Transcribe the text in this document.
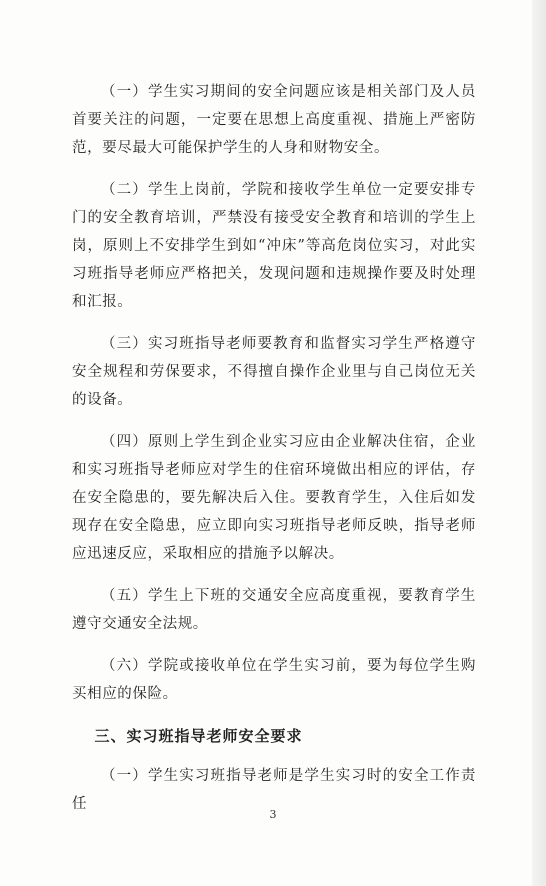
（一）学生实习期间的安全问题应该是相关部门及人员首要关注的问题，一定要在思想上高度重视、措施上严密防范，要尽最大可能保护学生的人身和财物安全。

（二）学生上岗前，学院和接收学生单位一定要安排专门的安全教育培训，严禁没有接受安全教育和培训的学生上岗，原则上不安排学生到如“冲床”等高危岗位实习，对此实习班指导老师应严格把关，发现问题和违规操作要及时处理和汇报。

（三）实习班指导老师要教育和监督实习学生严格遵守安全规程和劳保要求，不得擅自操作企业里与自己岗位无关的设备。

（四）原则上学生到企业实习应由企业解决住宿，企业和实习班指导老师应对学生的住宿环境做出相应的评估，存在安全隐患的，要先解决后入住。要教育学生，入住后如发现存在安全隐患，应立即向实习班指导老师反映，指导老师应迅速反应，采取相应的措施予以解决。

（五）学生上下班的交通安全应高度重视，要教育学生遵守交通安全法规。

（六）学院或接收单位在学生实习前，要为每位学生购买相应的保险。

三、实习班指导老师安全要求

（一）学生实习班指导老师是学生实习时的安全工作责任

3
